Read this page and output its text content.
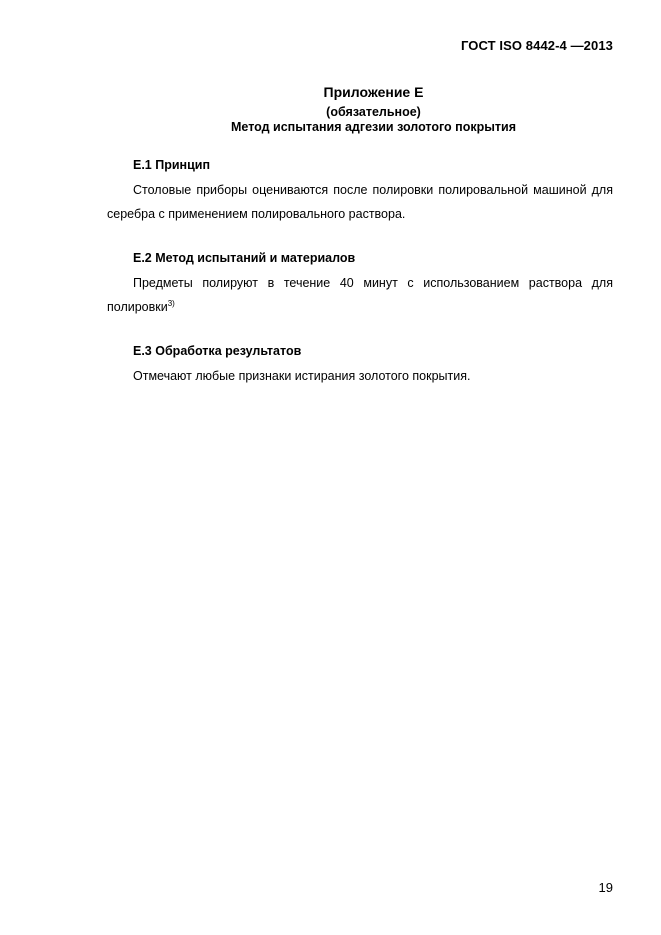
ГОСТ ISO 8442-4 —2013
Приложение Е
(обязательное)
Метод испытания адгезии золотого покрытия
Е.1 Принцип

Столовые приборы оцениваются после полировки полировальной машиной для серебра с применением полировального раствора.

Е.2 Метод испытаний и материалов

Предметы полируют в течение 40 минут с использованием раствора для полировки$^{3)}$

Е.3 Обработка результатов

Отмечают любые признаки истирания золотого покрытия.

19
